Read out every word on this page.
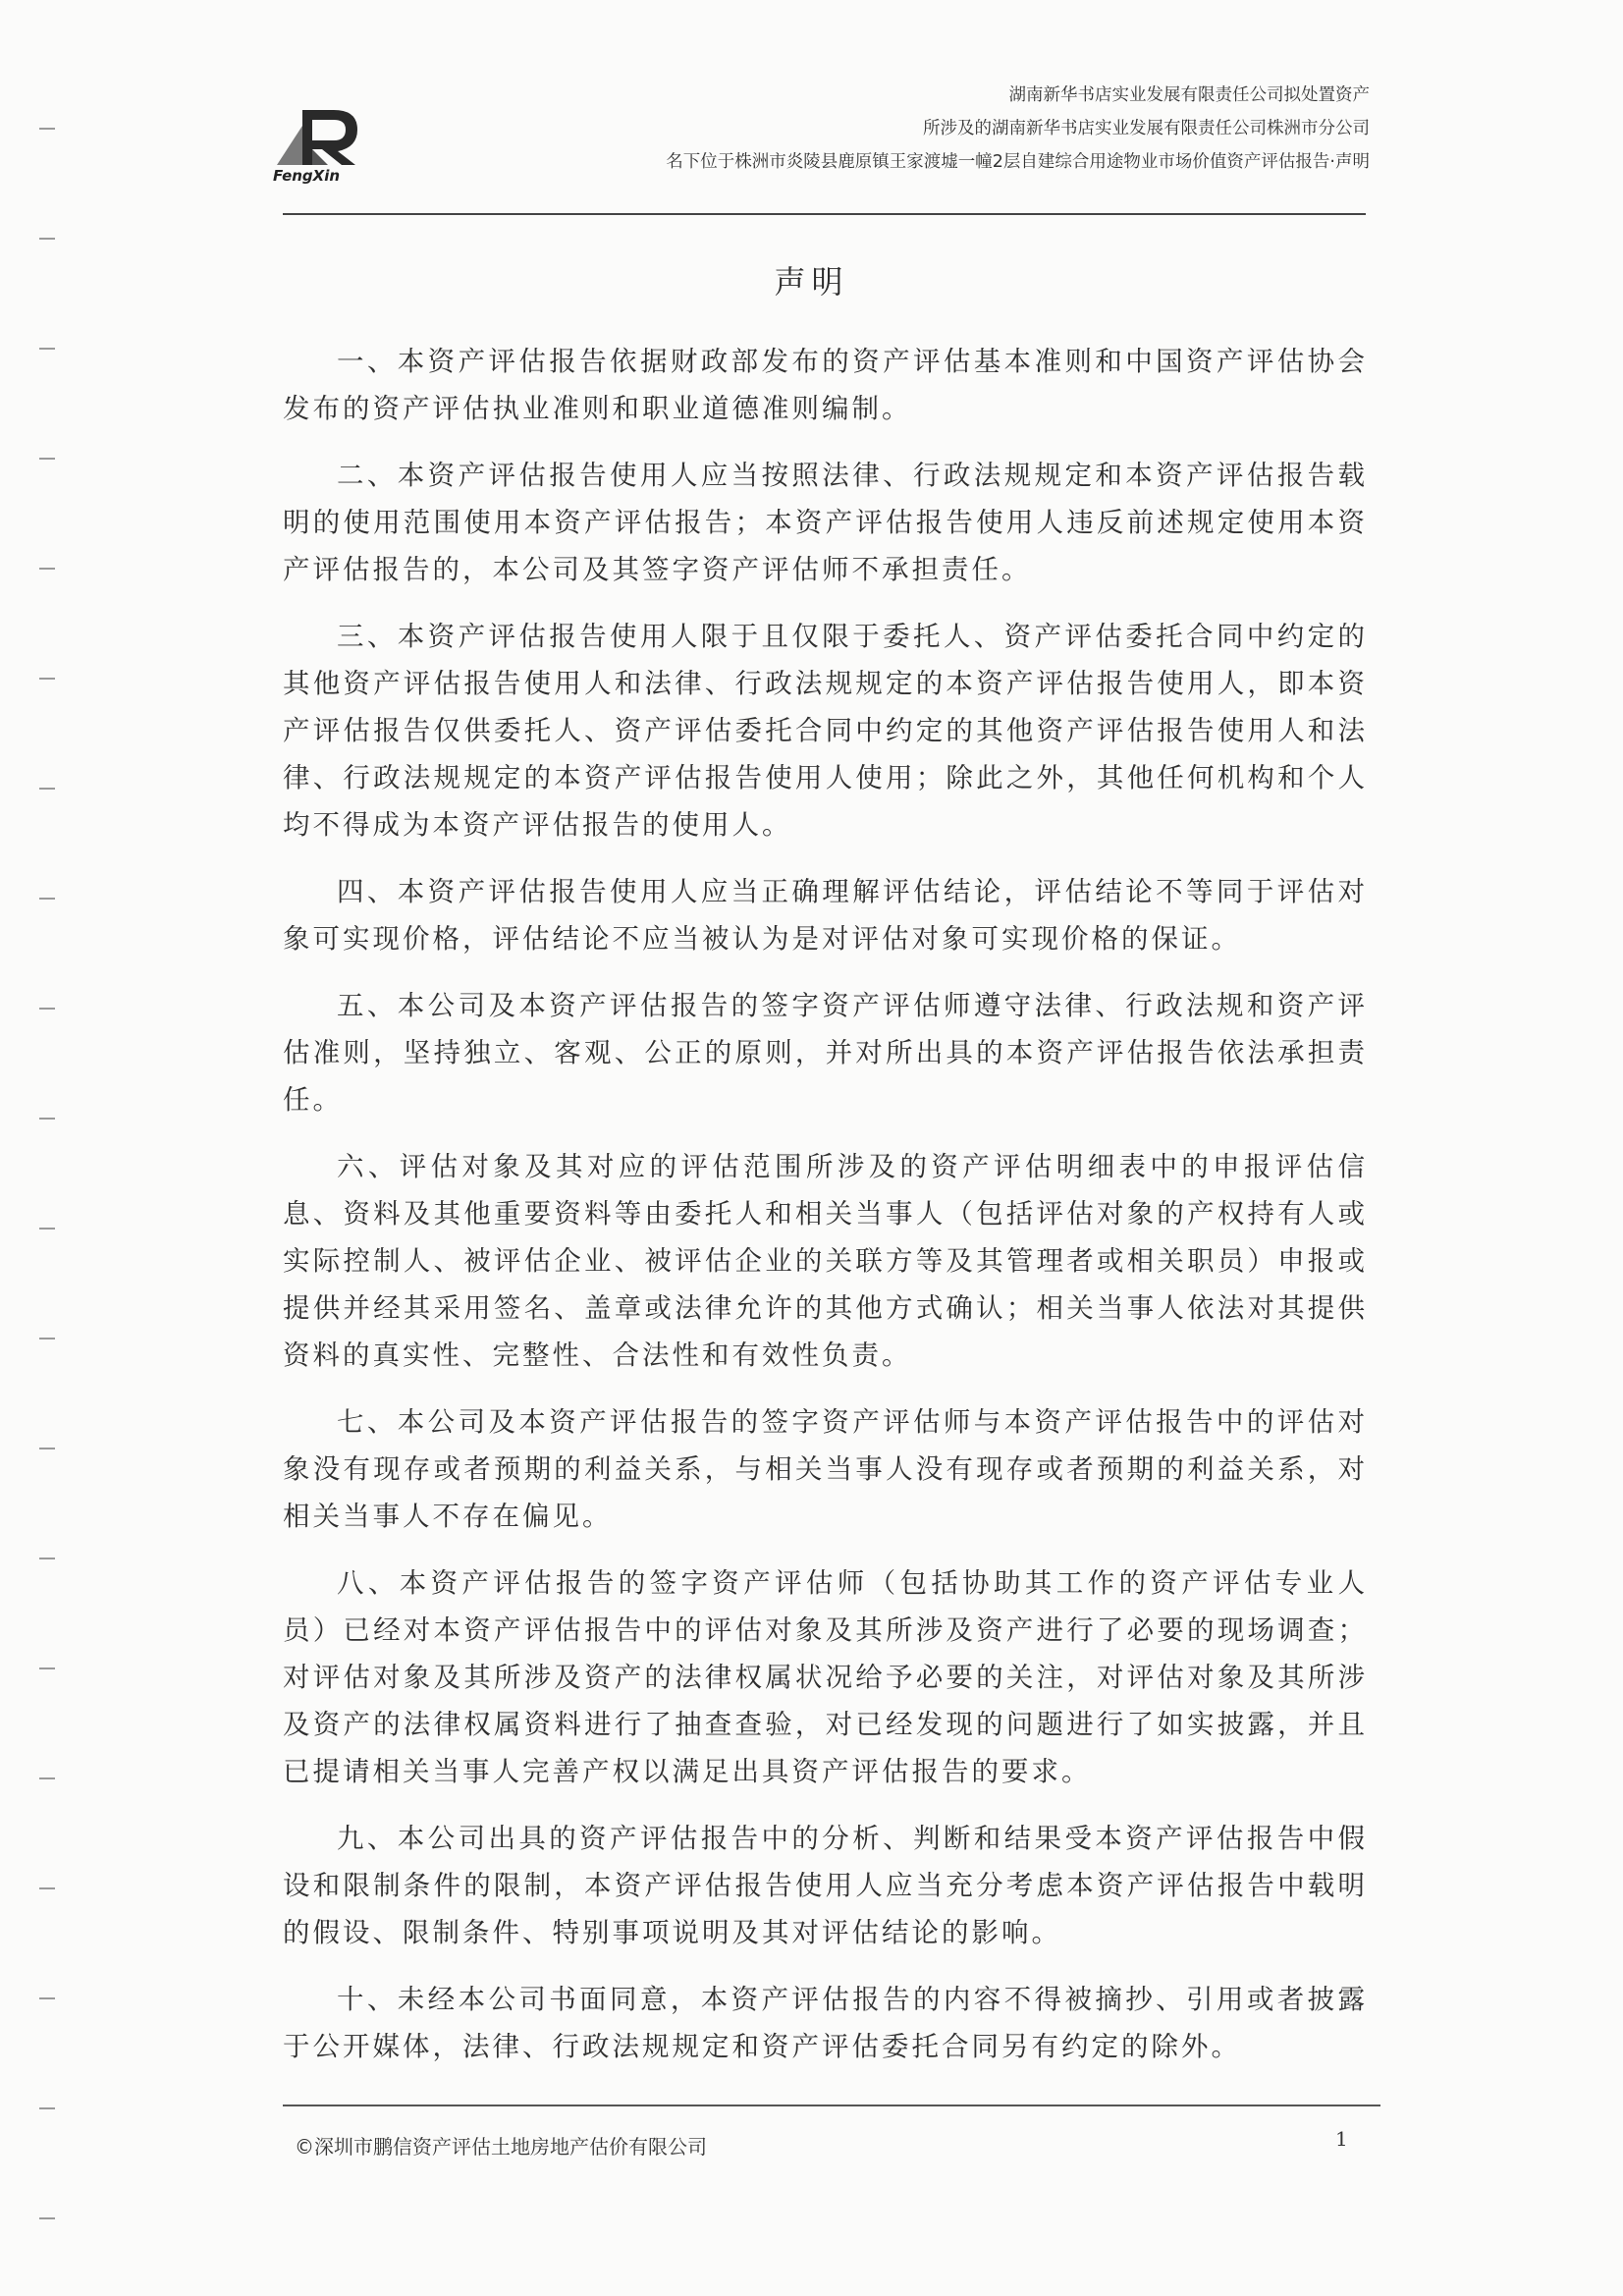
FengXin
湖南新华书店实业发展有限责任公司拟处置资产
所涉及的湖南新华书店实业发展有限责任公司株洲市分公司
名下位于株洲市炎陵县鹿原镇王家渡墟一幢2层自建综合用途物业市场价值资产评估报告·声明
声明

一、本资产评估报告依据财政部发布的资产评估基本准则和中国资产评估协会发布的资产评估执业准则和职业道德准则编制。

二、本资产评估报告使用人应当按照法律、行政法规规定和本资产评估报告载明的使用范围使用本资产评估报告；本资产评估报告使用人违反前述规定使用本资产评估报告的，本公司及其签字资产评估师不承担责任。

三、本资产评估报告使用人限于且仅限于委托人、资产评估委托合同中约定的其他资产评估报告使用人和法律、行政法规规定的本资产评估报告使用人，即本资产评估报告仅供委托人、资产评估委托合同中约定的其他资产评估报告使用人和法律、行政法规规定的本资产评估报告使用人使用；除此之外，其他任何机构和个人均不得成为本资产评估报告的使用人。

四、本资产评估报告使用人应当正确理解评估结论，评估结论不等同于评估对象可实现价格，评估结论不应当被认为是对评估对象可实现价格的保证。

五、本公司及本资产评估报告的签字资产评估师遵守法律、行政法规和资产评估准则，坚持独立、客观、公正的原则，并对所出具的本资产评估报告依法承担责任。

六、评估对象及其对应的评估范围所涉及的资产评估明细表中的申报评估信息、资料及其他重要资料等由委托人和相关当事人（包括评估对象的产权持有人或实际控制人、被评估企业、被评估企业的关联方等及其管理者或相关职员）申报或提供并经其采用签名、盖章或法律允许的其他方式确认；相关当事人依法对其提供资料的真实性、完整性、合法性和有效性负责。

七、本公司及本资产评估报告的签字资产评估师与本资产评估报告中的评估对象没有现存或者预期的利益关系，与相关当事人没有现存或者预期的利益关系，对相关当事人不存在偏见。

八、本资产评估报告的签字资产评估师（包括协助其工作的资产评估专业人员）已经对本资产评估报告中的评估对象及其所涉及资产进行了必要的现场调查；对评估对象及其所涉及资产的法律权属状况给予必要的关注，对评估对象及其所涉及资产的法律权属资料进行了抽查查验，对已经发现的问题进行了如实披露，并且已提请相关当事人完善产权以满足出具资产评估报告的要求。

九、本公司出具的资产评估报告中的分析、判断和结果受本资产评估报告中假设和限制条件的限制，本资产评估报告使用人应当充分考虑本资产评估报告中载明的假设、限制条件、特别事项说明及其对评估结论的影响。

十、未经本公司书面同意，本资产评估报告的内容不得被摘抄、引用或者披露于公开媒体，法律、行政法规规定和资产评估委托合同另有约定的除外。

©深圳市鹏信资产评估土地房地产估价有限公司	1
